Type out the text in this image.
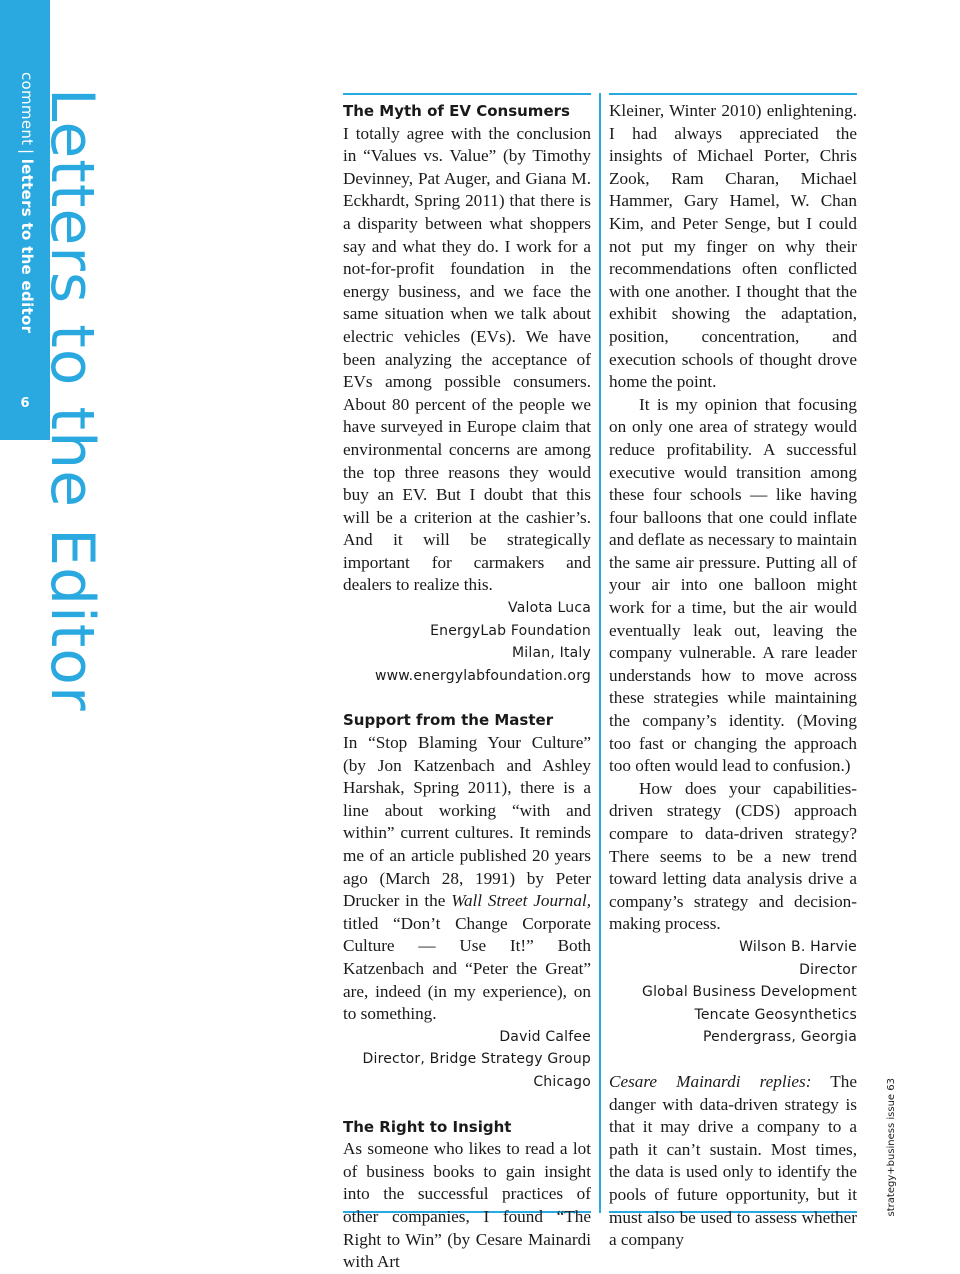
comment|letters to the editor
6 Letters to the Editor	The Myth of EV Consumers

I totally agree with the conclusion in “Values vs. Value” (by Timothy Devinney, Pat Auger, and Giana M. Eckhardt, Spring 2011) that there is a disparity between what shoppers say and what they do. I work for a not-for-profit foundation in the energy business, and we face the same situation when we talk about electric vehicles (EVs). We have been analyzing the acceptance of EVs among possible consumers. About 80 percent of the people we have surveyed in Europe claim that environmental concerns are among the top three reasons they would buy an EV. But I doubt that this will be a criterion at the cashier’s. And it will be strategically important for carmakers and dealers to realize this.

Valota Luca

EnergyLab Foundation

Milan, Italy

www.energylabfoundation.org

Support from the Master

In “Stop Blaming Your Culture” (by Jon Katzenbach and Ashley Harshak, Spring 2011), there is a line about working “with and within” current cultures. It reminds me of an article published 20 years ago (March 28, 1991) by Peter Drucker in the Wall Street Journal, titled “Don’t Change Corporate Culture — Use It!” Both Katzenbach and “Peter the Great” are, indeed (in my experience), on to something.

David Calfee

Director, Bridge Strategy Group

Chicago

The Right to Insight

As someone who likes to read a lot of business books to gain insight into the successful practices of other companies, I found “The Right to Win” (by Cesare Mainardi with Art

Kleiner, Winter 2010) enlightening. I had always appreciated the insights of Michael Porter, Chris Zook, Ram Charan, Michael Hammer, Gary Hamel, W. Chan Kim, and Peter Senge, but I could not put my finger on why their recommendations often conflicted with one another. I thought that the exhibit showing the adaptation, position, concentration, and execution schools of thought drove home the point.

It is my opinion that focusing on only one area of strategy would reduce profitability. A successful executive would transition among these four schools — like having four balloons that one could inflate and deflate as necessary to maintain the same air pressure. Putting all of your air into one balloon might work for a time, but the air would eventually leak out, leaving the company vulnerable. A rare leader understands how to move across these strategies while maintaining the company’s identity. (Moving too fast or changing the approach too often would lead to confusion.)

How does your capabilities-driven strategy (CDS) approach compare to data-driven strategy? There seems to be a new trend toward letting data analysis drive a company’s strategy and decision-making process.

Wilson B. Harvie

Director

Global Business Development

Tencate Geosynthetics

Pendergrass, Georgia

Cesare Mainardi replies: The danger with data-driven strategy is that it may drive a company to a path it can’t sustain. Most times, the data is used only to identify the pools of future opportunity, but it must also be used to assess whether a company

strategy+business issue 63
